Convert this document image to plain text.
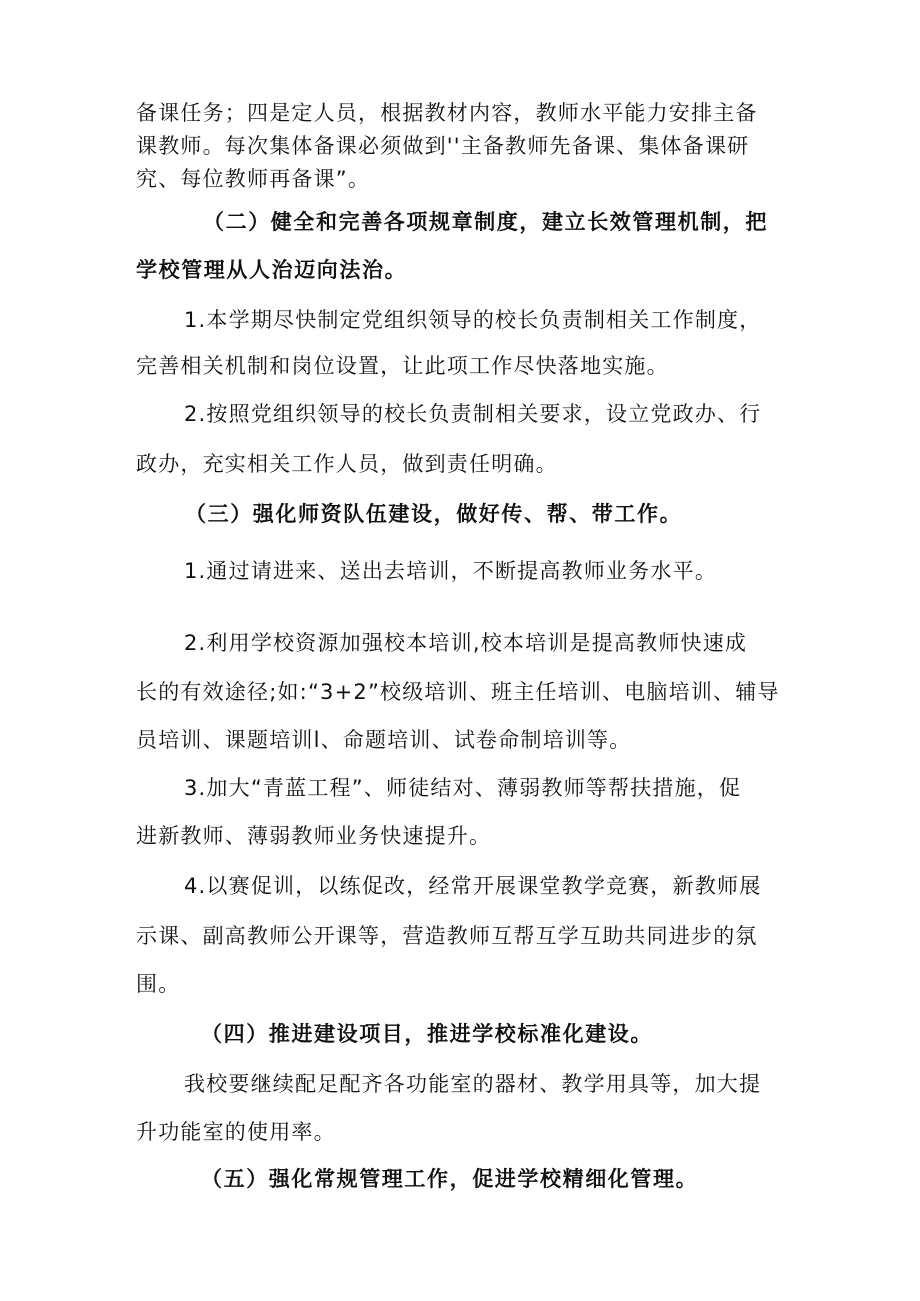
备课任务；四是定人员，根据教材内容，教师水平能力安排主备
课教师。每次集体备课必须做到''主备教师先备课、集体备课研
究、每位教师再备课”。
（二）健全和完善各项规章制度，建立长效管理机制，把
学校管理从人治迈向法治。
1.本学期尽快制定党组织领导的校长负责制相关工作制度，
完善相关机制和岗位设置，让此项工作尽快落地实施。
2.按照党组织领导的校长负责制相关要求，设立党政办、行
政办，充实相关工作人员，做到责任明确。
（三）强化师资队伍建设，做好传、帮、带工作。
1.通过请进来、送出去培训，不断提高教师业务水平。
2.利用学校资源加强校本培训,校本培训是提高教师快速成
长的有效途径;如:“3+2”校级培训、班主任培训、电脑培训、辅导
员培训、课题培训l、命题培训、试卷命制培训等。
3.加大“青蓝工程”、师徒结对、薄弱教师等帮扶措施，促
进新教师、薄弱教师业务快速提升。
4.以赛促训，以练促改，经常开展课堂教学竞赛，新教师展
示课、副高教师公开课等，营造教师互帮互学互助共同进步的氛
围。
（四）推进建设项目，推进学校标准化建设。
我校要继续配足配齐各功能室的器材、教学用具等，加大提
升功能室的使用率。
（五）强化常规管理工作，促进学校精细化管理。
